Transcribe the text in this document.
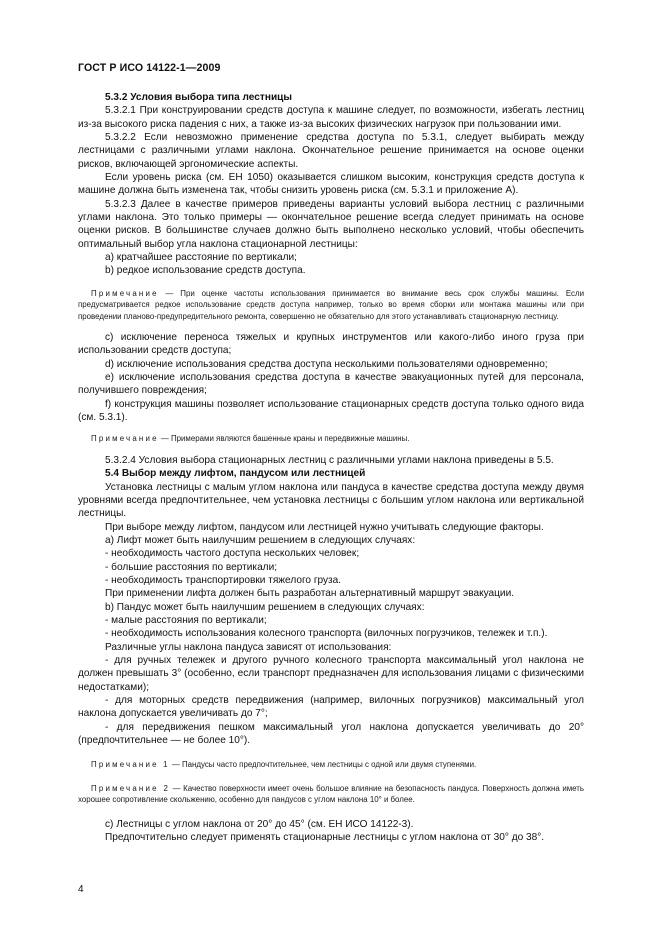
ГОСТ Р ИСО 14122-1—2009

5.3.2 Условия выбора типа лестницы

5.3.2.1 При конструировании средств доступа к машине следует, по возможности, избегать лестниц из-за высокого риска падения с них, а также из-за высоких физических нагрузок при пользовании ими.

5.3.2.2 Если невозможно применение средства доступа по 5.3.1, следует выбирать между лестницами с различными углами наклона. Окончательное решение принимается на основе оценки рисков, включающей эргономические аспекты.

Если уровень риска (см. ЕН 1050) оказывается слишком высоким, конструкция средств доступа к машине должна быть изменена так, чтобы снизить уровень риска (см. 5.3.1 и приложение А).

5.3.2.3 Далее в качестве примеров приведены варианты условий выбора лестниц с различными углами наклона. Это только примеры — окончательное решение всегда следует принимать на основе оценки рисков. В большинстве случаев должно быть выполнено несколько условий, чтобы обеспечить оптимальный выбор угла наклона стационарной лестницы:

a) кратчайшее расстояние по вертикали;

b) редкое использование средств доступа.

Примечание — При оценке частоты использования принимается во внимание весь срок службы машины. Если предусматривается редкое использование средств доступа например, только во время сборки или монтажа машины или при проведении планово-предупредительного ремонта, совершенно не обязательно для этого устанавливать стационарную лестницу.

c) исключение переноса тяжелых и крупных инструментов или какого-либо иного груза при использовании средств доступа;

d) исключение использования средства доступа несколькими пользователями одновременно;

e) исключение использования средства доступа в качестве эвакуационных путей для персонала, получившего повреждения;

f) конструкция машины позволяет использование стационарных средств доступа только одного вида (см. 5.3.1).

Примечание — Примерами являются башенные краны и передвижные машины.

5.3.2.4 Условия выбора стационарных лестниц с различными углами наклона приведены в 5.5.

5.4 Выбор между лифтом, пандусом или лестницей

Установка лестницы с малым углом наклона или пандуса в качестве средства доступа между двумя уровнями всегда предпочтительнее, чем установка лестницы с большим углом наклона или вертикальной лестницы.

При выборе между лифтом, пандусом или лестницей нужно учитывать следующие факторы.

a) Лифт может быть наилучшим решением в следующих случаях:

- необходимость частого доступа нескольких человек;

- большие расстояния по вертикали;

- необходимость транспортировки тяжелого груза.

При применении лифта должен быть разработан альтернативный маршрут эвакуации.

b) Пандус может быть наилучшим решением в следующих случаях:

- малые расстояния по вертикали;

- необходимость использования колесного транспорта (вилочных погрузчиков, тележек и т.п.).

Различные углы наклона пандуса зависят от использования:

- для ручных тележек и другого ручного колесного транспорта максимальный угол наклона не должен превышать 3° (особенно, если транспорт предназначен для использования лицами с физическими недостатками);

- для моторных средств передвижения (например, вилочных погрузчиков) максимальный угол наклона допускается увеличивать до 7°;

- для передвижения пешком максимальный угол наклона допускается увеличивать до 20° (предпочтительнее — не более 10°).

Примечание 1 — Пандусы часто предпочтительнее, чем лестницы с одной или двумя ступенями.

Примечание 2 — Качество поверхности имеет очень большое влияние на безопасность пандуса. Поверхность должна иметь хорошее сопротивление скольжению, особенно для пандусов с углом наклона 10° и более.

c) Лестницы с углом наклона от 20° до 45° (см. ЕН ИСО 14122-3).

Предпочтительно следует применять стационарные лестницы с углом наклона от 30° до 38°.

4
